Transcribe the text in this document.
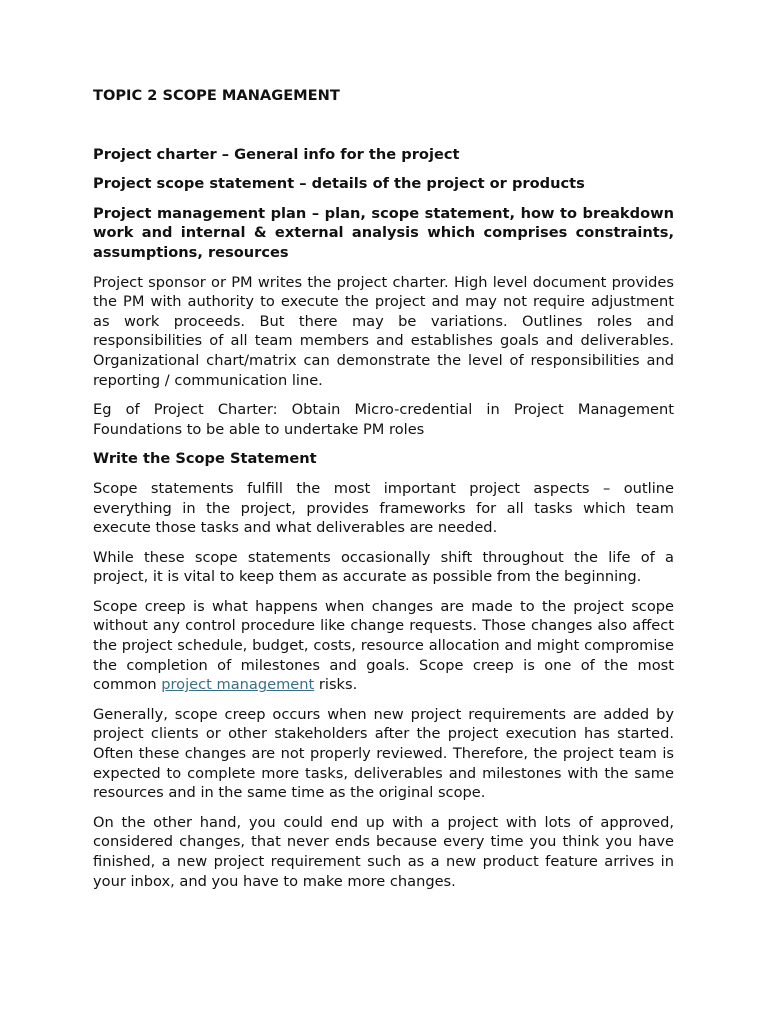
TOPIC 2 SCOPE MANAGEMENT

Project charter – General info for the project

Project scope statement – details of the project or products

Project management plan – plan, scope statement, how to breakdown work and internal & external analysis which comprises constraints, assumptions, resources

Project sponsor or PM writes the project charter. High level document provides the PM with authority to execute the project and may not require adjustment as work proceeds. But there may be variations. Outlines roles and responsibilities of all team members and establishes goals and deliverables. Organizational chart/matrix can demonstrate the level of responsibilities and reporting / communication line.

Eg of Project Charter: Obtain Micro-credential in Project Management Foundations to be able to undertake PM roles

Write the Scope Statement

Scope statements fulfill the most important project aspects – outline everything in the project, provides frameworks for all tasks which team execute those tasks and what deliverables are needed.

While these scope statements occasionally shift throughout the life of a project, it is vital to keep them as accurate as possible from the beginning.

Scope creep is what happens when changes are made to the project scope without any control procedure like change requests. Those changes also affect the project schedule, budget, costs, resource allocation and might compromise the completion of milestones and goals. Scope creep is one of the most common project management risks.

Generally, scope creep occurs when new project requirements are added by project clients or other stakeholders after the project execution has started. Often these changes are not properly reviewed. Therefore, the project team is expected to complete more tasks, deliverables and milestones with the same resources and in the same time as the original scope.

On the other hand, you could end up with a project with lots of approved, considered changes, that never ends because every time you think you have finished, a new project requirement such as a new product feature arrives in your inbox, and you have to make more changes.
